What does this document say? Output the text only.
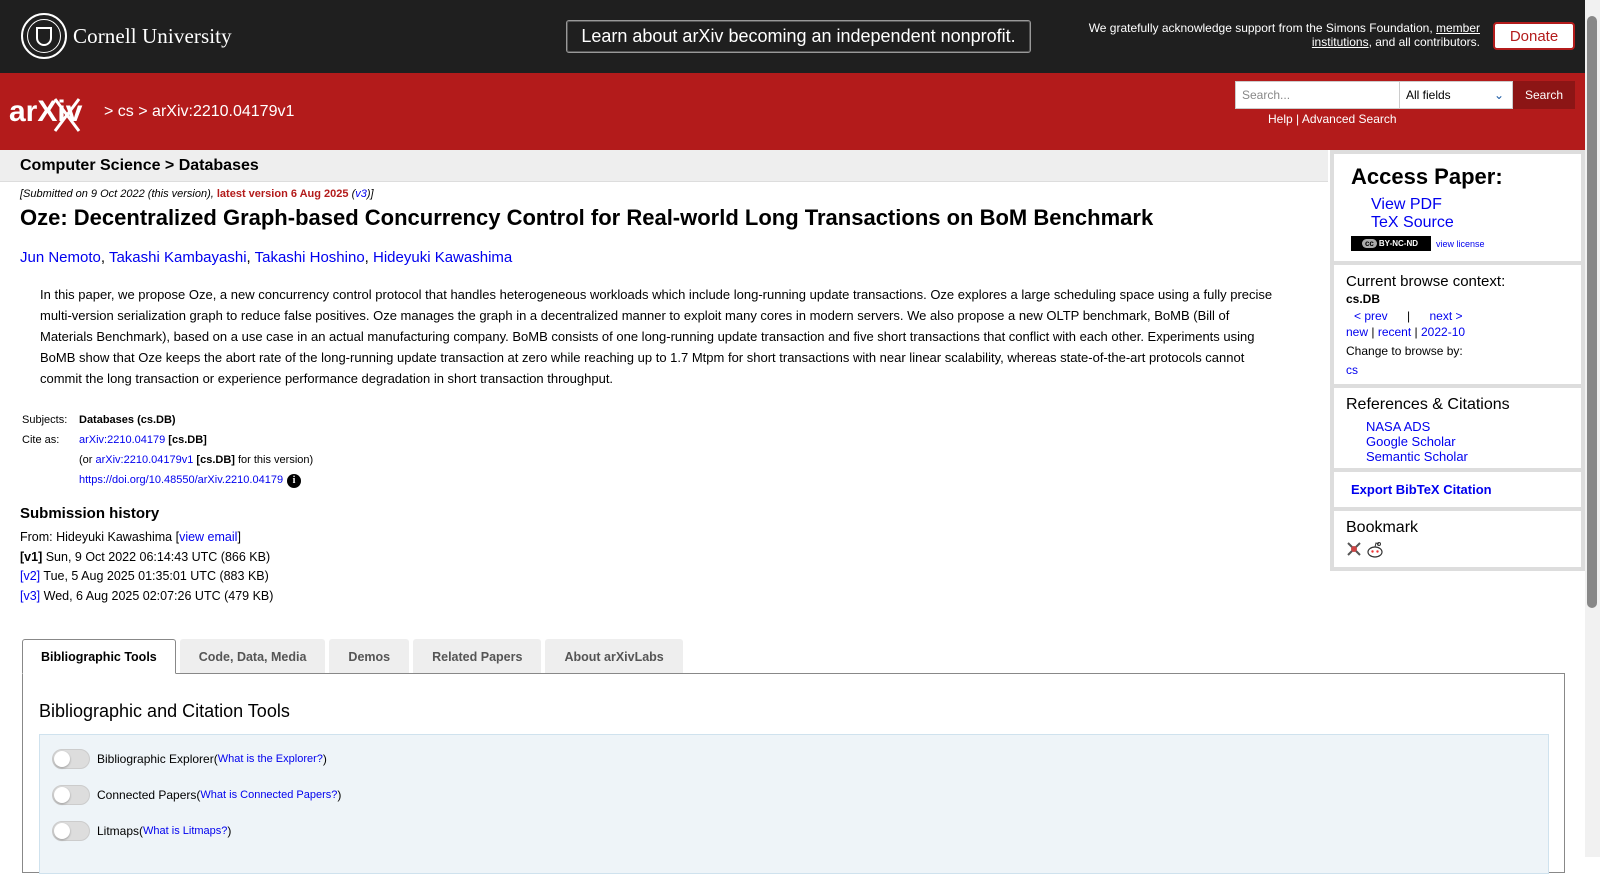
Cornell University	Learn about arXiv becoming an independent nonprofit.	We gratefully acknowledge support from the Simons Foundation, member institutions, and all contributors.	Donate
arXiv > cs > arXiv:2210.04179v1
Search...
All fields	⌄	Search
Help | Advanced Search
Computer Science > Databases
[Submitted on 9 Oct 2022 (this version), latest version 6 Aug 2025 (v3)]
Oze: Decentralized Graph-based Concurrency Control for Real-world Long Transactions on BoM Benchmark
Jun Nemoto, Takashi Kambayashi, Takashi Hoshino, Hideyuki Kawashima

In this paper, we propose Oze, a new concurrency control protocol that handles heterogeneous workloads which include long-running update transactions. Oze explores a large scheduling space using a fully precise multi-version serialization graph to reduce false positives. Oze manages the graph in a decentralized manner to exploit many cores in modern servers. We also propose a new OLTP benchmark, BoMB (Bill of Materials Benchmark), based on a use case in an actual manufacturing company. BoMB consists of one long-running update transaction and five short transactions that conflict with each other. Experiments using BoMB show that Oze keeps the abort rate of the long-running update transaction at zero while reaching up to 1.7 Mtpm for short transactions with near linear scalability, whereas state-of-the-art protocols cannot commit the long transaction or experience performance degradation in short transaction throughput.

Subjects:	Databases (cs.DB)
Cite as:	arXiv:2210.04179 [cs.DB]
	(or arXiv:2210.04179v1 [cs.DB] for this version)
	https://doi.org/10.48550/arXiv.2210.04179 i
Submission history
From: Hideyuki Kawashima [view email]
[v1] Sun, 9 Oct 2022 06:14:43 UTC (866 KB)
[v2] Tue, 5 Aug 2025 01:35:01 UTC (883 KB)
[v3] Wed, 6 Aug 2025 02:07:26 UTC (479 KB)
Bibliographic Tools	Code, Data, Media	Demos	Related Papers	About arXivLabs
Bibliographic and Citation Tools
Bibliographic Explorer ( What is the Explorer? )
Connected Papers ( What is Connected Papers? )
Litmaps ( What is Litmaps? )
Access Paper:
View PDF
TeX Source
cc BY-NC-ND view license
Current browse context:
cs.DB
< prev | next >
new | recent | 2022-10
Change to browse by:
cs
References & Citations
NASA ADS
Google Scholar
Semantic Scholar
Export BibTeX Citation
Bookmark
